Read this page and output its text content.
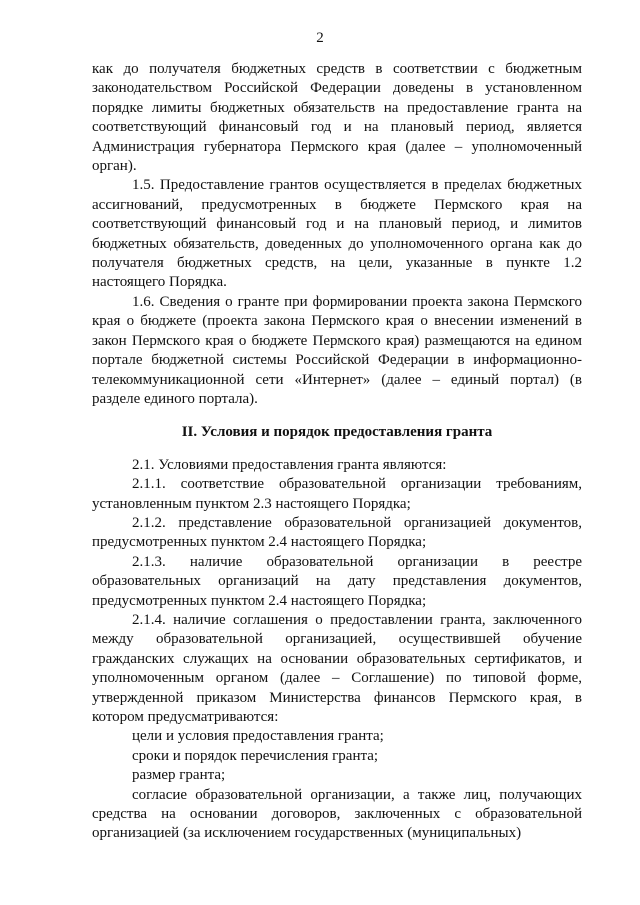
2

как до получателя бюджетных средств в соответствии с бюджетным законодательством Российской Федерации доведены в установленном порядке лимиты бюджетных обязательств на предоставление гранта на соответствующий финансовый год и на плановый период, является Администрация губернатора Пермского края (далее – уполномоченный орган).

1.5. Предоставление грантов осуществляется в пределах бюджетных ассигнований, предусмотренных в бюджете Пермского края на соответствующий финансовый год и на плановый период, и лимитов бюджетных обязательств, доведенных до уполномоченного органа как до получателя бюджетных средств, на цели, указанные в пункте 1.2 настоящего Порядка.

1.6. Сведения о гранте при формировании проекта закона Пермского края о бюджете (проекта закона Пермского края о внесении изменений в закон Пермского края о бюджете Пермского края) размещаются на едином портале бюджетной системы Российской Федерации в информационно-телекоммуникационной сети «Интернет» (далее – единый портал) (в разделе единого портала).

II. Условия и порядок предоставления гранта

2.1. Условиями предоставления гранта являются:

2.1.1. соответствие образовательной организации требованиям, установленным пунктом 2.3 настоящего Порядка;

2.1.2. представление образовательной организацией документов, предусмотренных пунктом 2.4 настоящего Порядка;

2.1.3. наличие образовательной организации в реестре образовательных организаций на дату представления документов, предусмотренных пунктом 2.4 настоящего Порядка;

2.1.4. наличие соглашения о предоставлении гранта, заключенного между образовательной организацией, осуществившей обучение гражданских служащих на основании образовательных сертификатов, и уполномоченным органом (далее – Соглашение) по типовой форме, утвержденной приказом Министерства финансов Пермского края, в котором предусматриваются:

цели и условия предоставления гранта;

сроки и порядок перечисления гранта;

размер гранта;

согласие образовательной организации, а также лиц, получающих средства на основании договоров, заключенных с образовательной организацией (за исключением государственных (муниципальных)
